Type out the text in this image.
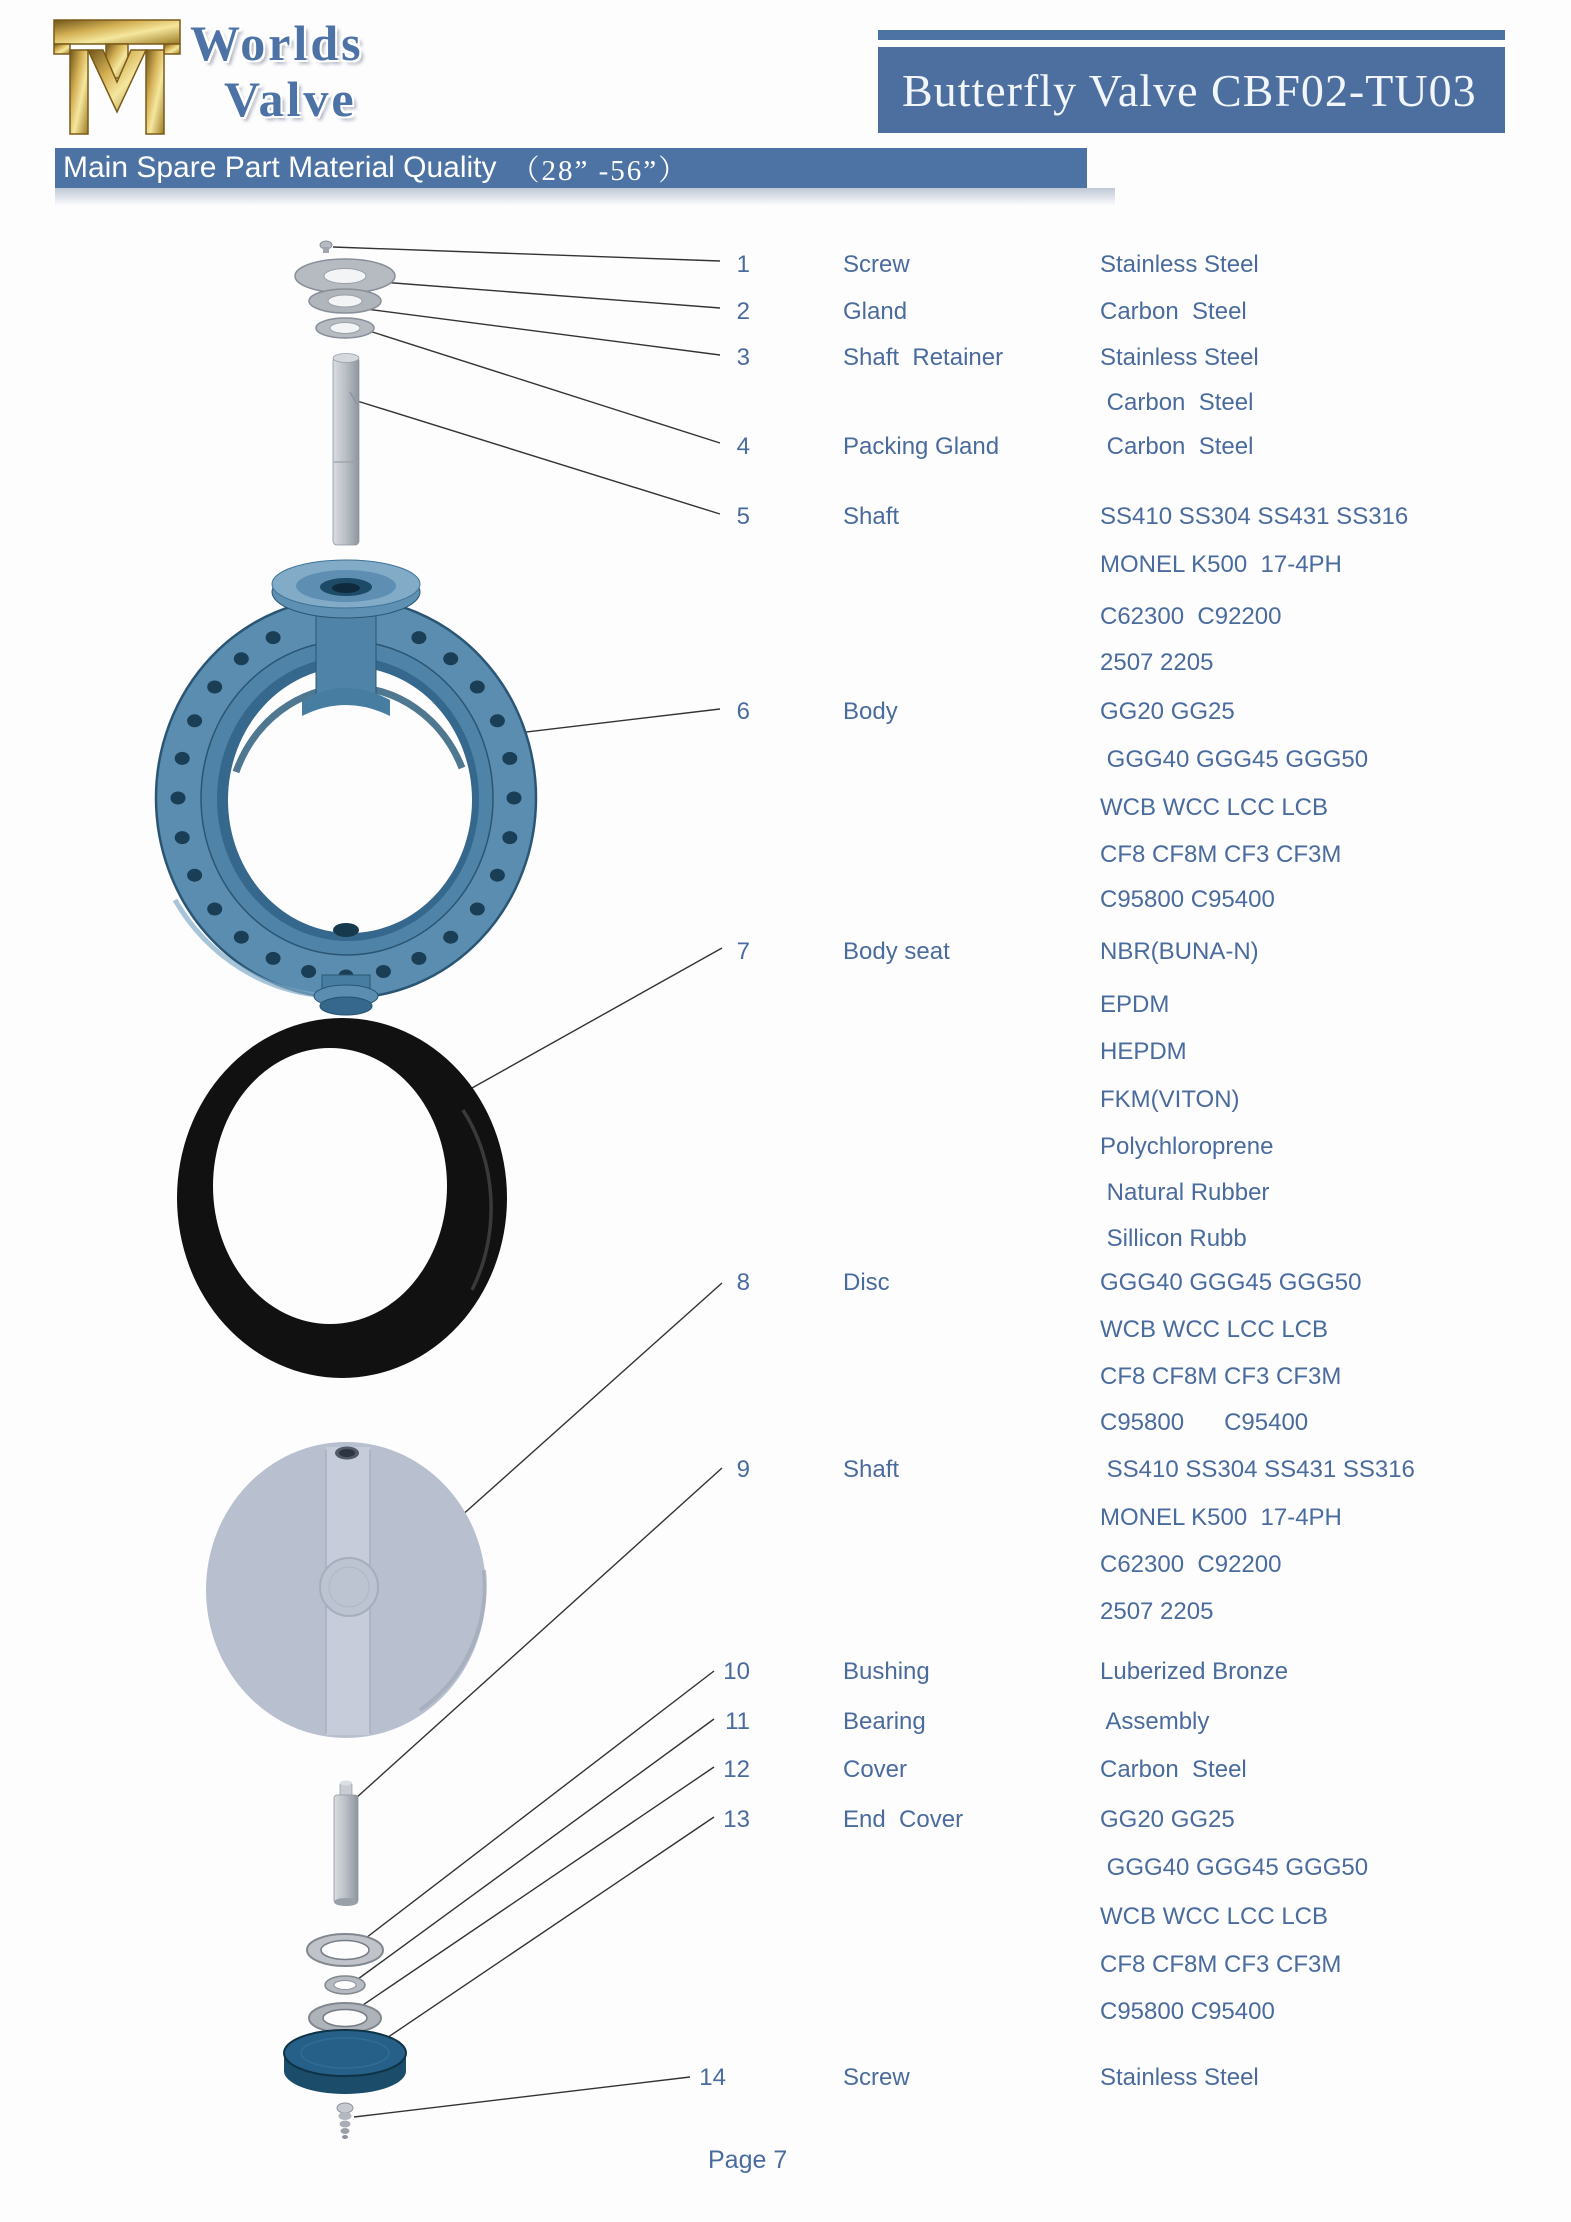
Worlds
Valve	Butterfly Valve CBF02-TU03
Main Spare Part Material Quality （28” -56”）
1	Screw	Stainless Steel
2	Gland	Carbon  Steel
3	Shaft  Retainer	Stainless Steel
Carbon  Steel
4	Packing Gland	Carbon  Steel
5	Shaft	SS410 SS304 SS431 SS316
MONEL K500  17-4PH
C62300  C92200
2507 2205
6	Body	GG20 GG25
GGG40 GGG45 GGG50
WCB WCC LCC LCB
CF8 CF8M CF3 CF3M
C95800 C95400
7	Body seat	NBR(BUNA-N)
EPDM
HEPDM
FKM(VITON)
Polychloroprene
Natural Rubber
Sillicon Rubb
8	Disc	GGG40 GGG45 GGG50
WCB WCC LCC LCB
CF8 CF8M CF3 CF3M
C95800      C95400
9	Shaft	SS410 SS304 SS431 SS316
MONEL K500  17-4PH
C62300  C92200
2507 2205
10	Bushing	Luberized Bronze
11	Bearing	Assembly
12	Cover	Carbon  Steel
13	End  Cover	GG20 GG25
GGG40 GGG45 GGG50
WCB WCC LCC LCB
CF8 CF8M CF3 CF3M
C95800 C95400
14	Screw	Stainless Steel
Page 7
